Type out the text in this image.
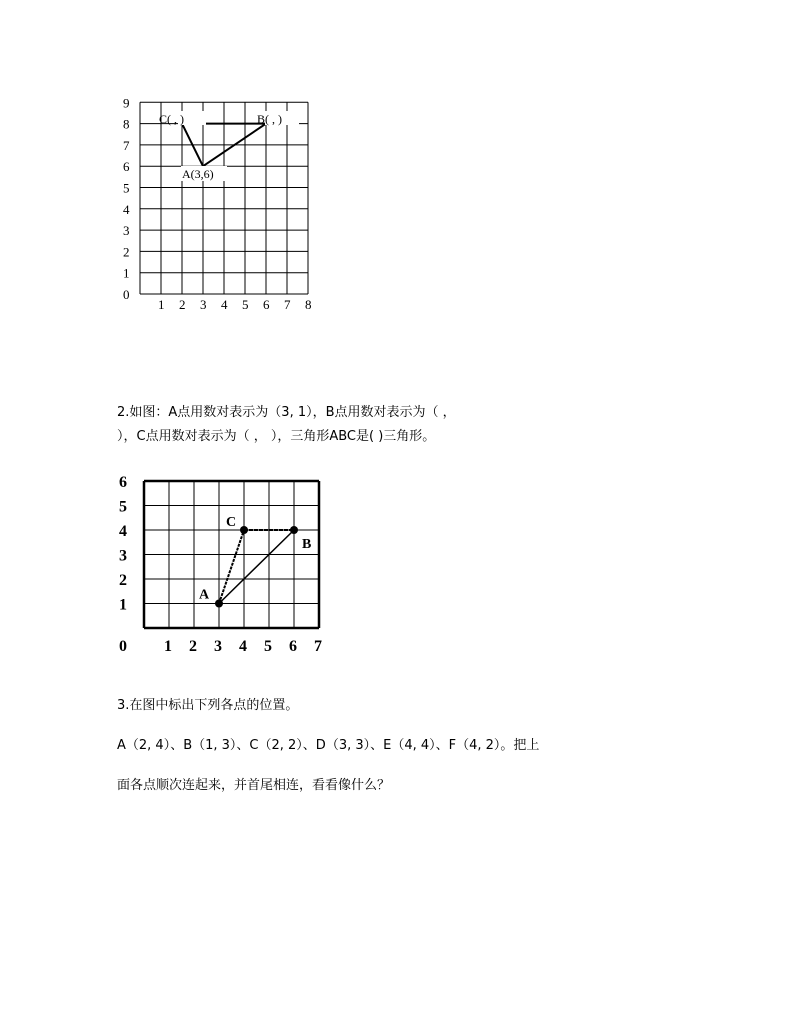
0
1
2
3
4
5
6
7
8
9
1 2 3 4 5 6 7 8
C( , )	B( , )
A(3,6)
2.如图：A点用数对表示为（3, 1），B点用数对表示为（ ，
），C点用数对表示为（ ， ），三角形ABC是( )三角形。
0
1
2
3
4
5
6
1 2 3 4 5 6 7
A
B
C
3.在图中标出下列各点的位置。
A（2, 4）、B（1, 3）、C（2, 2）、D（3, 3）、E（4, 4）、F（4, 2）。把上
面各点顺次连起来，并首尾相连，看看像什么？
